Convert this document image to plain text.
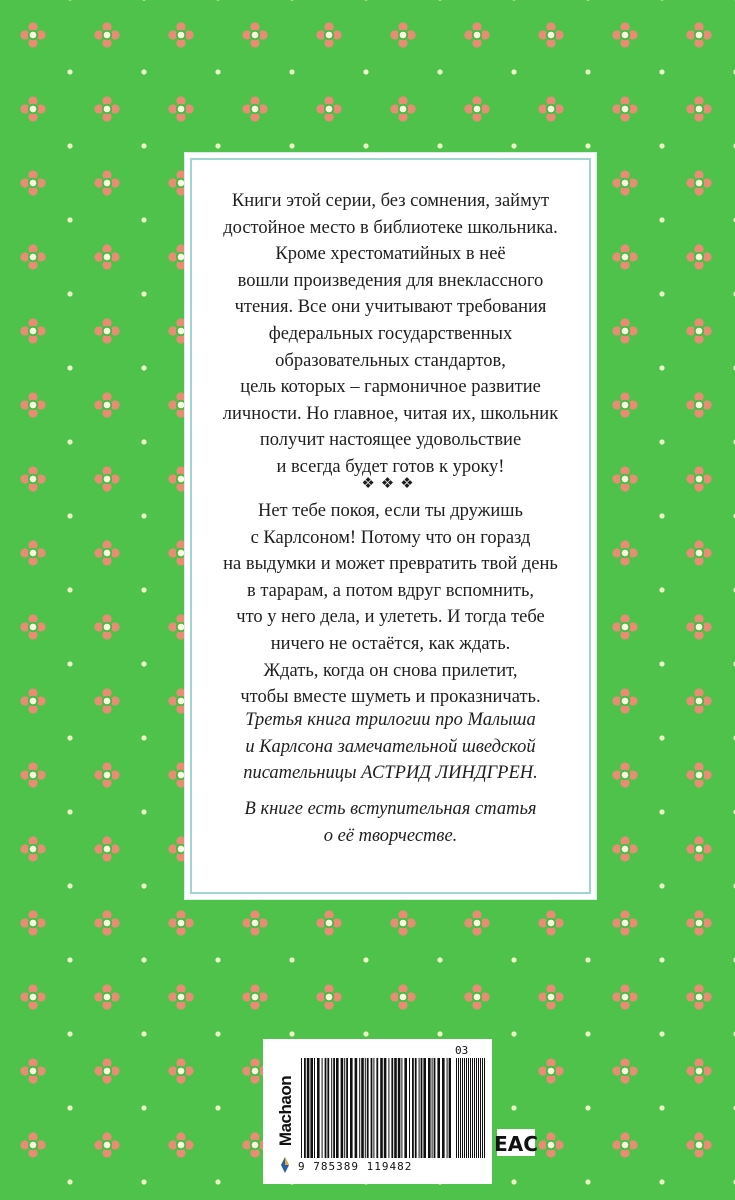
Книги этой серии, без сомнения, займут
достойное место в библиотеке школьника.
Кроме хрестоматийных в неё
вошли произведения для внеклассного
чтения. Все они учитывают требования
федеральных государственных
образовательных стандартов,
цель которых – гармоничное развитие
личности. Но главное, читая их, школьник
получит настоящее удовольствие
и всегда будет готов к уроку!

❖❖❖

Нет тебе покоя, если ты дружишь
с Карлсоном! Потому что он горазд
на выдумки и может превратить твой день
в тарарам, а потом вдруг вспомнить,
что у него дела, и улететь. И тогда тебе
ничего не остаётся, как ждать.
Ждать, когда он снова прилетит,
чтобы вместе шуметь и проказничать.

Третья книга трилогии про Малыша
и Карлсона замечательной шведской
писательницы АСТРИД ЛИНДГРЕН.

В книге есть вступительная статья
о её творчестве.

Machaon
9 785389 119482
03
EAC
